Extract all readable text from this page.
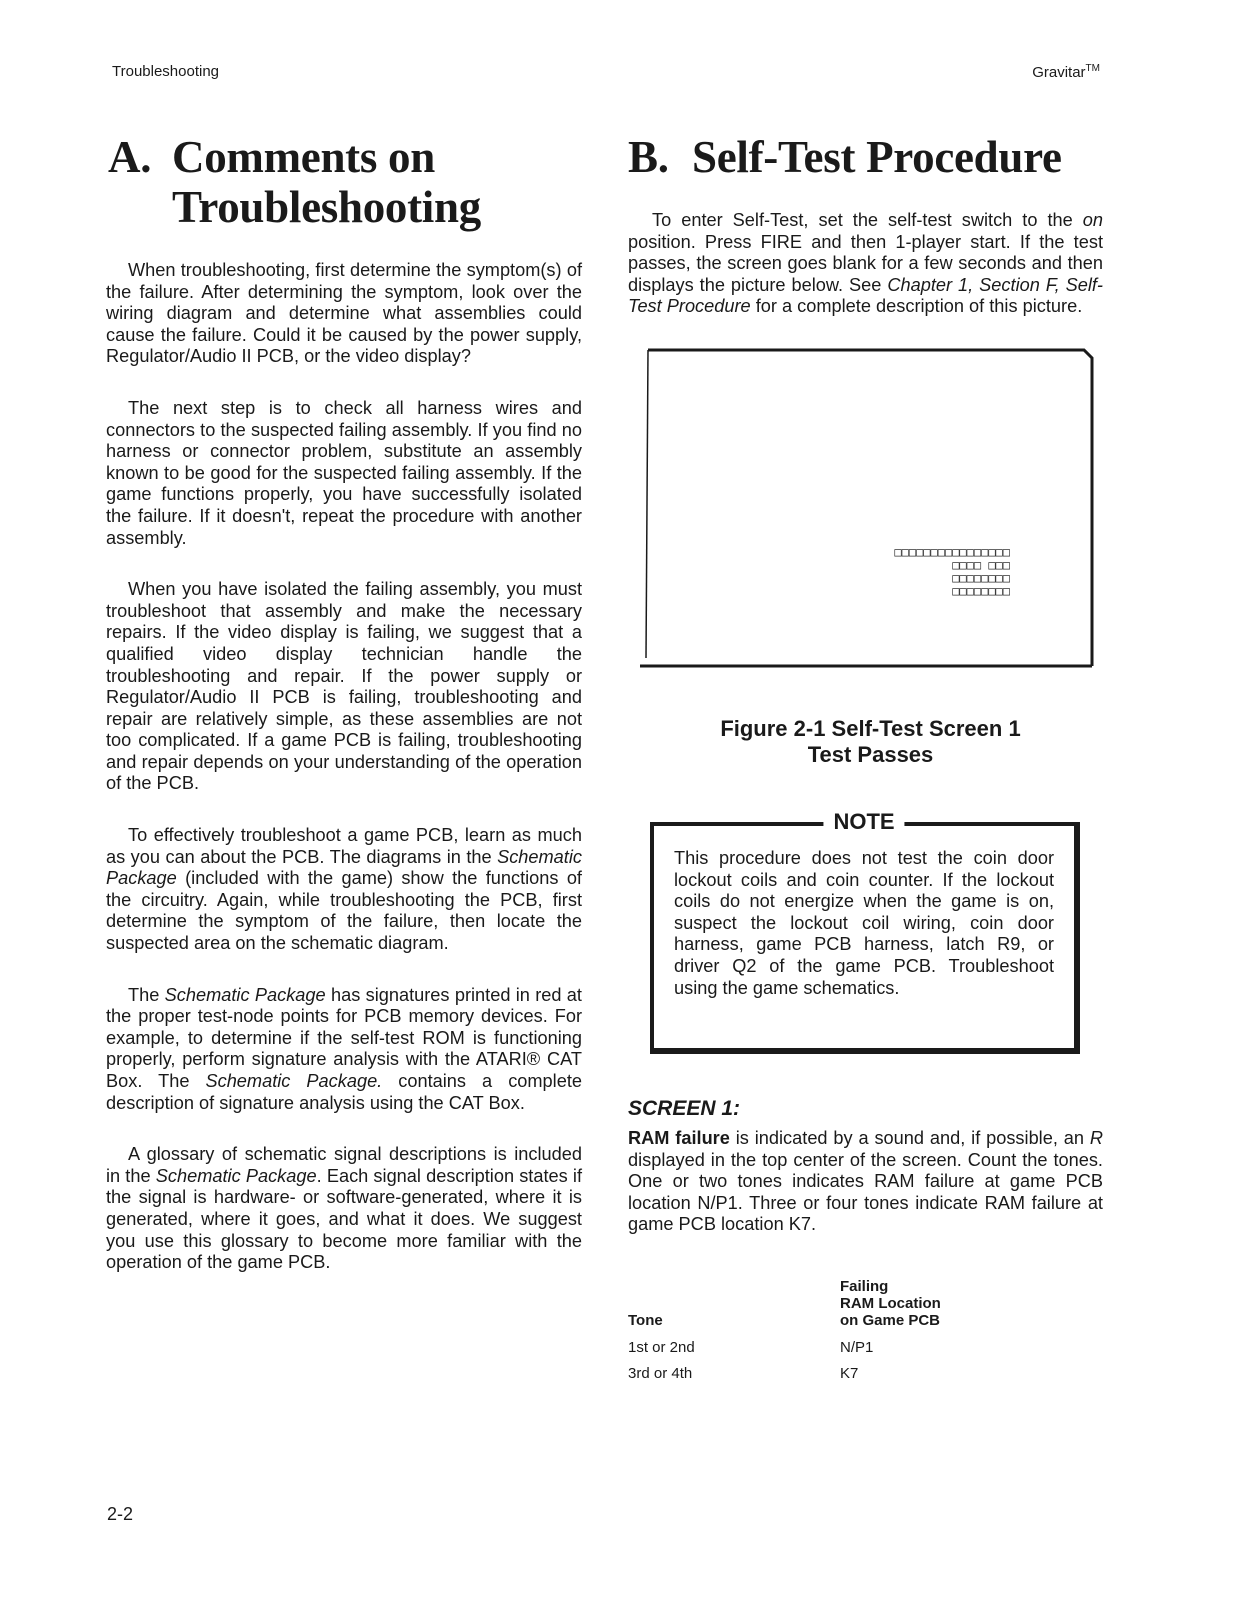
Troubleshooting	Gravitar™
A. Comments on
Troubleshooting

When troubleshooting, first determine the symptom(s) of the failure. After determining the symptom, look over the wiring diagram and determine what assemblies could cause the failure. Could it be caused by the power supply, Regulator/Audio II PCB, or the video display?

The next step is to check all harness wires and connectors to the suspected failing assembly. If you find no harness or connector problem, substitute an assembly known to be good for the suspected failing assembly. If the game functions properly, you have successfully isolated the failure. If it doesn't, repeat the procedure with another assembly.

When you have isolated the failing assembly, you must troubleshoot that assembly and make the necessary repairs. If the video display is failing, we suggest that a qualified video display technician handle the troubleshooting and repair. If the power supply or Regulator/Audio II PCB is failing, troubleshooting and repair are relatively simple, as these assemblies are not too complicated. If a game PCB is failing, troubleshooting and repair depends on your understanding of the operation of the PCB.

To effectively troubleshoot a game PCB, learn as much as you can about the PCB. The diagrams in the Schematic Package (included with the game) show the functions of the circuitry. Again, while troubleshooting the PCB, first determine the symptom of the failure, then locate the suspected area on the schematic diagram.

The Schematic Package has signatures printed in red at the proper test-node points for PCB memory devices. For example, to determine if the self-test ROM is functioning properly, perform signature analysis with the ATARI® CAT Box. The Schematic Package. contains a complete description of signature analysis using the CAT Box.

A glossary of schematic signal descriptions is included in the Schematic Package. Each signal description states if the signal is hardware- or software-generated, where it is generated, where it goes, and what it does. We suggest you use this glossary to become more familiar with the operation of the game PCB.

B. Self-Test Procedure

To enter Self-Test, set the self-test switch to the on position. Press FIRE and then 1-player start. If the test passes, the screen goes blank for a few seconds and then displays the picture below. See Chapter 1, Section F, Self-Test Procedure for a complete description of this picture.

□□□□□□□□□□□□□□□□
□□□□ □□□
□□□□□□□□
□□□□□□□□
Figure 2-1 Self-Test Screen 1
Test Passes
NOTE
This procedure does not test the coin door lockout coils and coin counter. If the lockout coils do not energize when the game is on, suspect the lockout coil wiring, coin door harness, game PCB harness, latch R9, or driver Q2 of the game PCB. Troubleshoot using the game schematics.
SCREEN 1:

RAM failure is indicated by a sound and, if possible, an R displayed in the top center of the screen. Count the tones. One or two tones indicates RAM failure at game PCB location N/P1. Three or four tones indicate RAM failure at game PCB location K7.

Tone	Failing
RAM Location
on Game PCB

1st or 2nd	N/P1
3rd or 4th	K7
2-2
